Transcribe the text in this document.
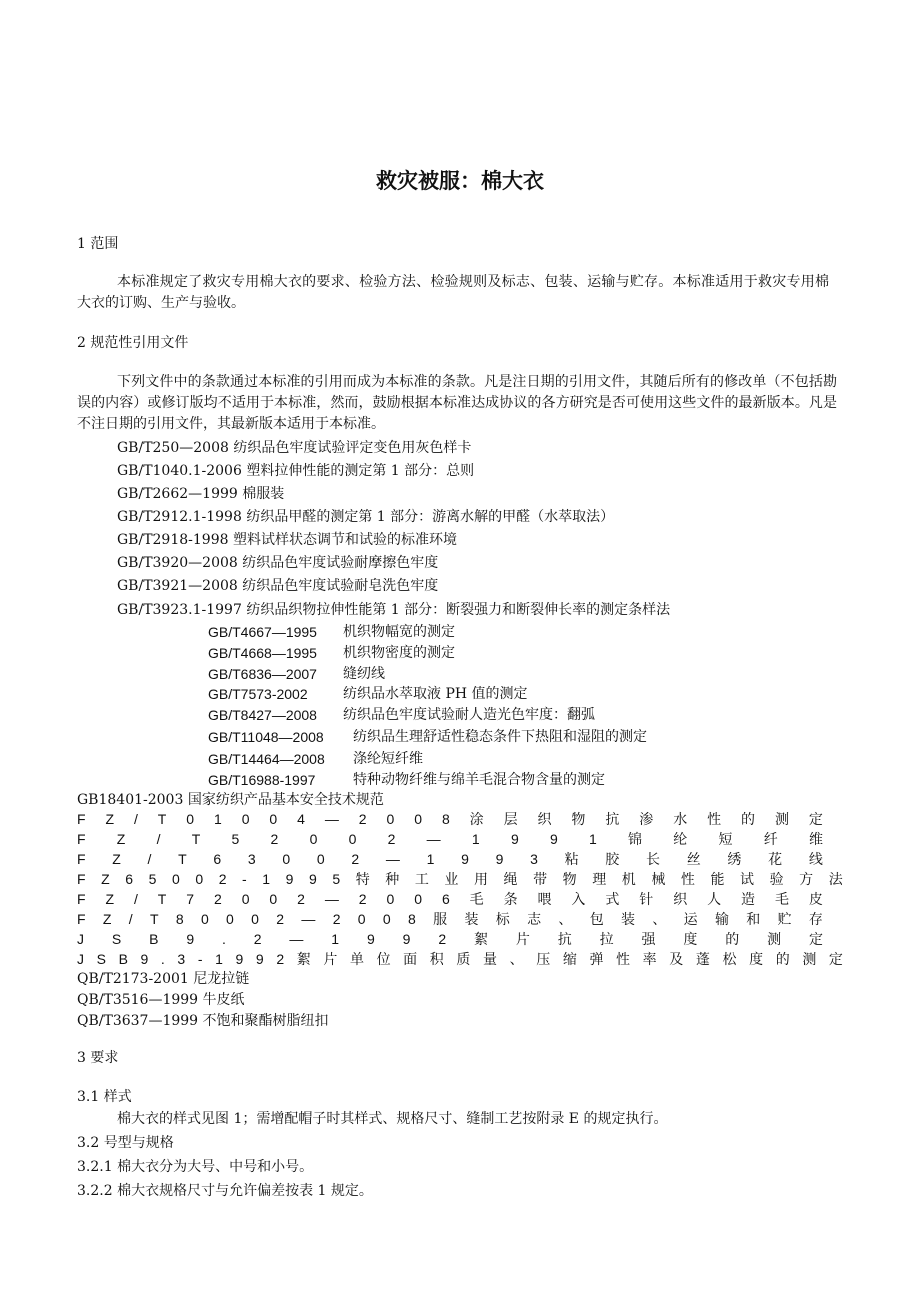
救灾被服：棉大衣
1 范围
本标准规定了救灾专用棉大衣的要求、检验方法、检验规则及标志、包装、运输与贮存。本标准适用于救灾专用棉大衣的订购、生产与验收。
2 规范性引用文件
下列文件中的条款通过本标准的引用而成为本标准的条款。凡是注日期的引用文件，其随后所有的修改单（不包括勘误的内容）或修订版均不适用于本标准，然而，鼓励根据本标准达成协议的各方研究是否可使用这些文件的最新版本。凡是不注日期的引用文件，其最新版本适用于本标准。
GB/T250—2008 纺织品色牢度试验评定变色用灰色样卡
GB/T1040.1-2006 塑料拉伸性能的测定第 1 部分：总则
GB/T2662—1999 棉服装
GB/T2912.1-1998 纺织品甲醛的测定第 1 部分：游离水解的甲醛（水萃取法）
GB/T2918-1998 塑料试样状态调节和试验的标准环境
GB/T3920—2008 纺织品色牢度试验耐摩擦色牢度
GB/T3921—2008 纺织品色牢度试验耐皂洗色牢度
GB/T3923.1-1997 纺织品织物拉伸性能第 1 部分：断裂强力和断裂伸长率的测定条样法
GB/T4667—1995 机织物幅宽的测定
GB/T4668—1995 机织物密度的测定
GB/T6836—2007 缝纫线
GB/T7573-2002	纺织品水萃取液 PH 值的测定
GB/T8427—2008 纺织品色牢度试验耐人造光色牢度：翻弧
GB/T11048—2008 纺织品生理舒适性稳态条件下热阻和湿阻的测定
GB/T14464—2008 涤纶短纤维
GB/T16988-1997	特种动物纤维与绵羊毛混合物含量的测定
GB18401-2003 国家纺织产品基本安全技术规范
F Z / T 0 1 0 0 4 — 2 0 0 8 涂 层 织 物 抗 渗 水 性 的 测 定
F Z / T 5 2 0 0 2 — 1 9 9 1 锦 纶 短 纤 维
F Z / T 6 3 0 0 2 — 1 9 9 3 粘 胶 长 丝 绣 花 线
F Z 6 5 0 0 2 - 1 9 9 5 特 种 工 业 用 绳 带 物 理 机 械 性 能 试 验 方 法
F Z / T 7 2 0 0 2 — 2 0 0 6 毛 条 喂 入 式 针 织 人 造 毛 皮
F Z / T 8 0 0 0 2 — 2 0 0 8 服 装 标 志 、 包 装 、 运 输 和 贮 存
J S B 9 . 2 — 1 9 9 2 絮 片 抗 拉 强 度 的 测 定
J S B 9 . 3 - 1 9 9 2 絮 片 单 位 面 积 质 量 、 压 缩 弹 性 率 及 蓬 松 度 的 测 定
QB/T2173-2001 尼龙拉链
QB/T3516—1999 牛皮纸
QB/T3637—1999 不饱和聚酯树脂纽扣
3 要求
3.1 样式
棉大衣的样式见图 1；需增配帽子时其样式、规格尺寸、缝制工艺按附录 E 的规定执行。
3.2 号型与规格
3.2.1 棉大衣分为大号、中号和小号。
3.2.2 棉大衣规格尺寸与允许偏差按表 1 规定。
